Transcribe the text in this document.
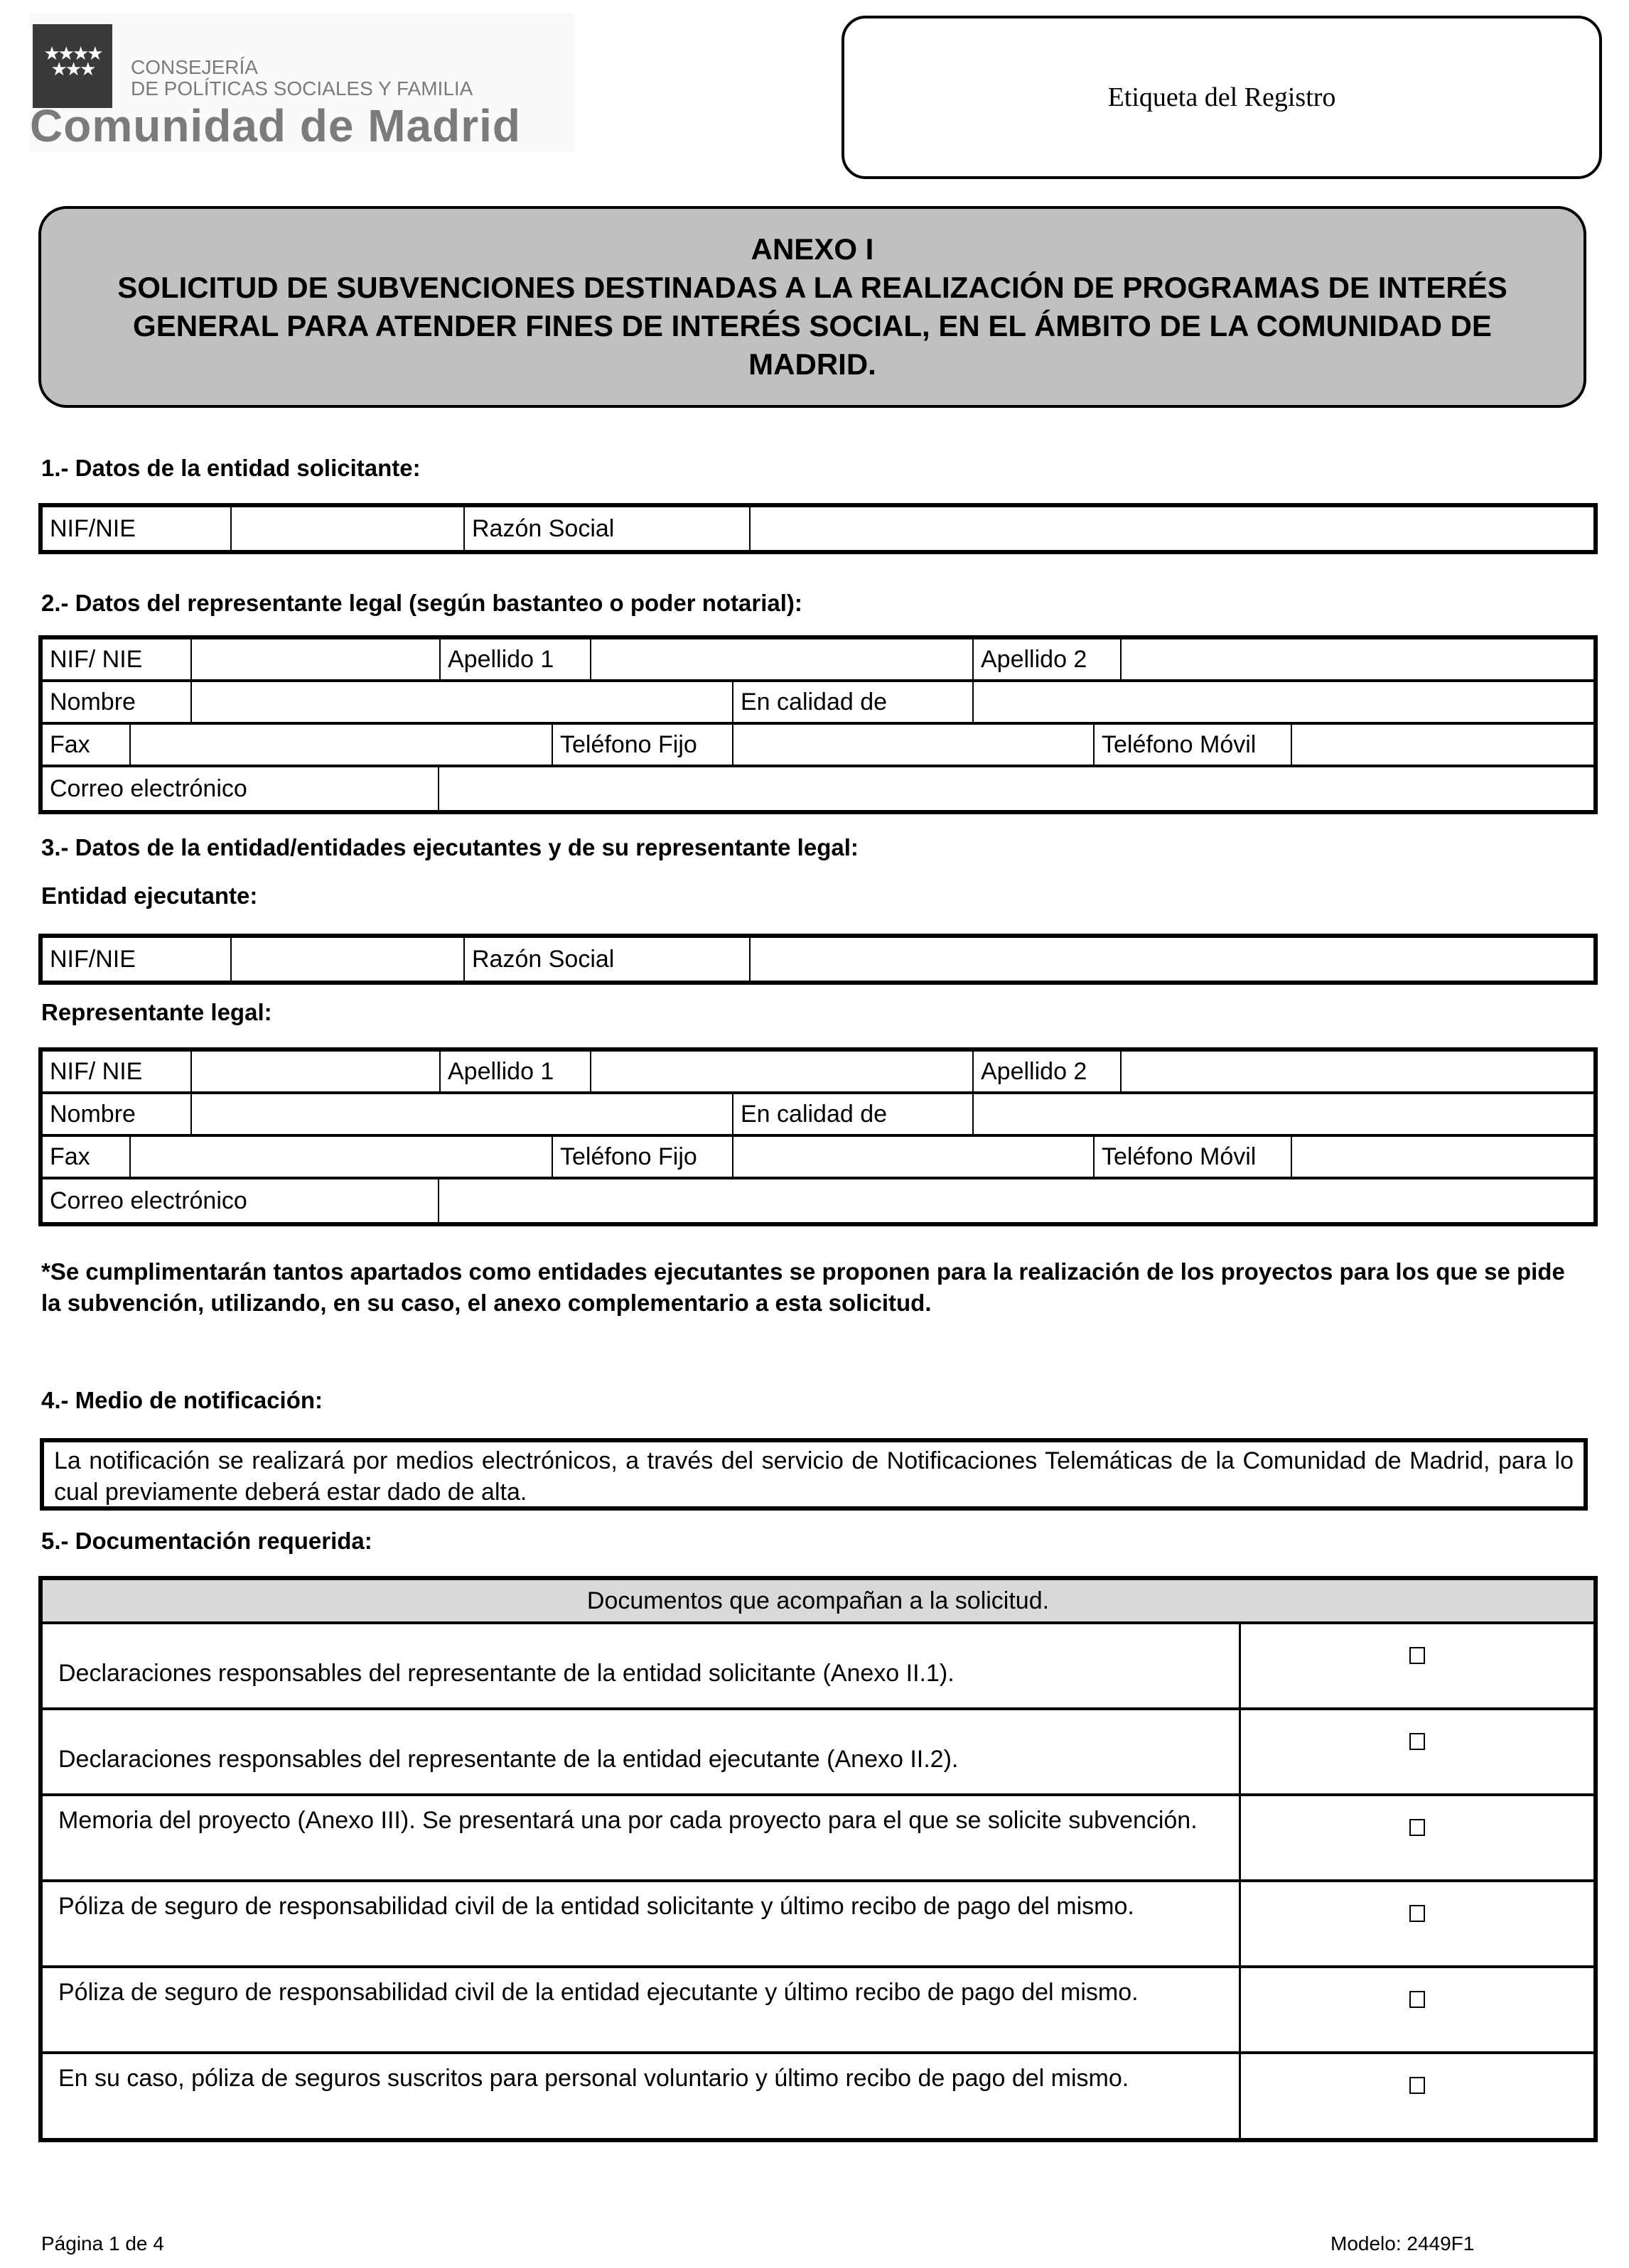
★★★★ ★★★	CONSEJERÍA
DE POLÍTICAS SOCIALES Y FAMILIA
Comunidad de Madrid
Etiqueta del Registro
ANEXO I
SOLICITUD DE SUBVENCIONES DESTINADAS A LA REALIZACIÓN DE PROGRAMAS DE INTERÉS GENERAL PARA ATENDER FINES DE INTERÉS SOCIAL, EN EL ÁMBITO DE LA COMUNIDAD DE MADRID.
1.- Datos de la entidad solicitante:
NIF/NIE	Razón Social
2.- Datos del representante legal (según bastanteo o poder notarial):
NIF/ NIE	Apellido 1	Apellido 2
Nombre	En calidad de
Fax	Teléfono Fijo	Teléfono Móvil
Correo electrónico
3.- Datos de la entidad/entidades ejecutantes y de su representante legal:
Entidad ejecutante:
NIF/NIE	Razón Social
Representante legal:
NIF/ NIE	Apellido 1	Apellido 2
Nombre	En calidad de
Fax	Teléfono Fijo	Teléfono Móvil
Correo electrónico
*Se cumplimentarán tantos apartados como entidades ejecutantes se proponen para la realización de los proyectos para los que se pide la subvención, utilizando, en su caso, el anexo complementario a esta solicitud.
4.- Medio de notificación:
La notificación se realizará por medios electrónicos, a través del servicio de Notificaciones Telemáticas de la Comunidad de Madrid, para lo cual previamente deberá estar dado de alta.
5.- Documentación requerida:
Documentos que acompañan a la solicitud.
Declaraciones responsables del representante de la entidad solicitante (Anexo II.1).
Declaraciones responsables del representante de la entidad ejecutante (Anexo II.2).
Memoria del proyecto (Anexo III). Se presentará una por cada proyecto para el que se solicite subvención.
Póliza de seguro de responsabilidad civil de la entidad solicitante y último recibo de pago del mismo.
Póliza de seguro de responsabilidad civil de la entidad ejecutante y último recibo de pago del mismo.
En su caso, póliza de seguros suscritos para personal voluntario y último recibo de pago del mismo.
Página 1 de 4	Modelo: 2449F1
